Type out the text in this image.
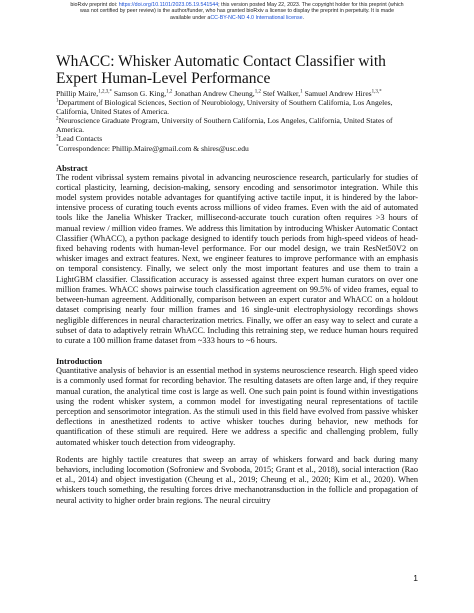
bioRxiv preprint doi: https://doi.org/10.1101/2023.05.19.541544; this version posted May 22, 2023. The copyright holder for this preprint (which
was not certified by peer review) is the author/funder, who has granted bioRxiv a license to display the preprint in perpetuity. It is made
available under aCC-BY-NC-ND 4.0 International license.
WhACC: Whisker Automatic Contact Classifier with Expert Human-Level Performance

Phillip Maire,$^{1,2,3,*}$ Samson G. King,$^{1,2}$ Jonathan Andrew Cheung,$^{1,2}$ Stef Walker,$^1$ Samuel Andrew Hires$^{1,3,*}$

$^1$Department of Biological Sciences, Section of Neurobiology, University of Southern California, Los Angeles, California, United States of America.

$^2$Neuroscience Graduate Program, University of Southern California, Los Angeles, California, United States of America.

$^3$Lead Contacts

*Correspondence: Phillip.Maire@gmail.com & shires@usc.edu

Abstract

The rodent vibrissal system remains pivotal in advancing neuroscience research, particularly for studies of cortical plasticity, learning, decision-making, sensory encoding and sensorimotor integration. While this model system provides notable advantages for quantifying active tactile input, it is hindered by the labor-intensive process of curating touch events across millions of video frames. Even with the aid of automated tools like the Janelia Whisker Tracker, millisecond-accurate touch curation often requires >3 hours of manual review / million video frames. We address this limitation by introducing Whisker Automatic Contact Classifier (WhACC), a python package designed to identify touch periods from high-speed videos of head-fixed behaving rodents with human-level performance. For our model design, we train ResNet50V2 on whisker images and extract features. Next, we engineer features to improve performance with an emphasis on temporal consistency. Finally, we select only the most important features and use them to train a LightGBM classifier. Classification accuracy is assessed against three expert human curators on over one million frames. WhACC shows pairwise touch classification agreement on 99.5% of video frames, equal to between-human agreement. Additionally, comparison between an expert curator and WhACC on a holdout dataset comprising nearly four million frames and 16 single-unit electrophysiology recordings shows negligible differences in neural characterization metrics. Finally, we offer an easy way to select and curate a subset of data to adaptively retrain WhACC. Including this retraining step, we reduce human hours required to curate a 100 million frame dataset from ~333 hours to ~6 hours.

Introduction

Quantitative analysis of behavior is an essential method in systems neuroscience research. High speed video is a commonly used format for recording behavior. The resulting datasets are often large and, if they require manual curation, the analytical time cost is large as well. One such pain point is found within investigations using the rodent whisker system, a common model for investigating neural representations of tactile perception and sensorimotor integration. As the stimuli used in this field have evolved from passive whisker deflections in anesthetized rodents to active whisker touches during behavior, new methods for quantification of these stimuli are required. Here we address a specific and challenging problem, fully automated whisker touch detection from videography.

Rodents are highly tactile creatures that sweep an array of whiskers forward and back during many behaviors, including locomotion (Sofroniew and Svoboda, 2015; Grant et al., 2018), social interaction (Rao et al., 2014) and object investigation (Cheung et al., 2019; Cheung et al., 2020; Kim et al., 2020). When whiskers touch something, the resulting forces drive mechanotransduction in the follicle and propagation of neural activity to higher order brain regions. The neural circuitry

1
